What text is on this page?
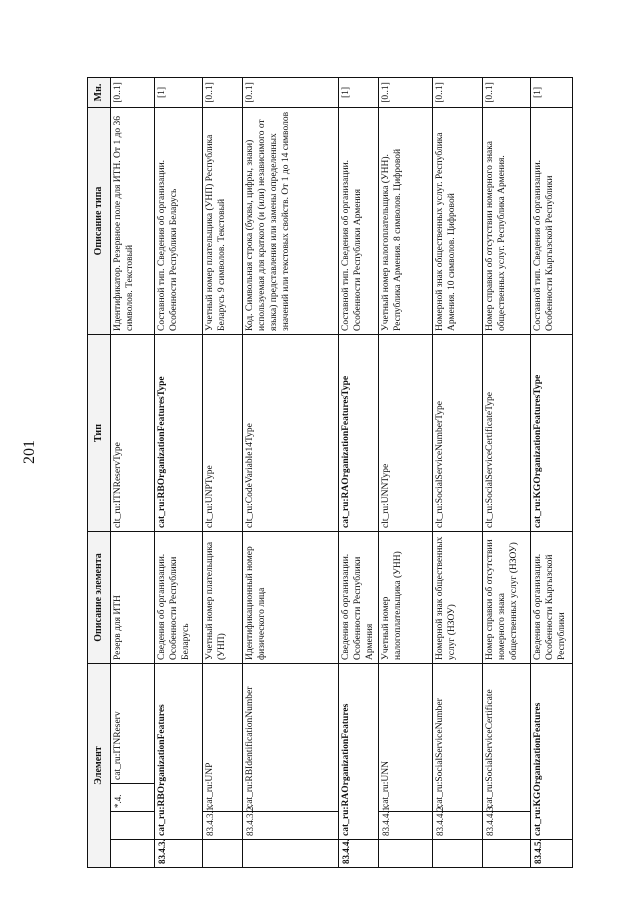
201
Элемент				Описание элемента	Тип	Описание типа	Мн.
		*.4.	cat_ru:ITNReserv	Резерв для ИТН	clt_ru:ITNReservType	Идентификатор. Резервное поле для ИТН. От 1 до 36 символов. Текстовый	[0..1]
83.4.3.	cat_ru:RBOrganizationFeatures			Сведения об организации. Особенности Республики Беларусь	cat_ru:RBOrganizationFeaturesType	Составной тип. Сведения об организации. Особенности Республики Беларусь	[1]
	83.4.3.1.	cat_ru:UNP		Учетный номер плательщика (УНП)	clt_ru:UNPType	Учетный номер плательщика (УНП) Республика Беларусь 9 символов. Текстовый	[0..1]
	83.4.3.2.	cat_ru:RBIdentificationNumber		Идентификационный номер физического лица	clt_ru:CodeVariable14Type	Код. Символьная строка (буквы, цифры, знаки) используемая для краткого (и (или) независимого от языка) представления или замены определенных значений или текстовых свойств. От 1 до 14 символов	[0..1]
83.4.4.	cat_ru:RAOrganizationFeatures			Сведения об организации. Особенности Республики Армения	cat_ru:RAOrganizationFeaturesType	Составной тип. Сведения об организации. Особенности Республики Армения	[1]
	83.4.4.1.	cat_ru:UNN		Учетный номер налогоплательщика (УНН)	clt_ru:UNNType	Учетный номер налогоплательщика (УНН). Республика Армения. 8 символов. Цифровой	[0..1]
	83.4.4.2.	cat_ru:SocialServiceNumber		Номерной знак общественных услуг (НЗОУ)	clt_ru:SocialServiceNumberType	Номерной знак общественных услуг. Республика Армения. 10 символов. Цифровой	[0..1]
	83.4.4.3.	cat_ru:SocialServiceCertificate		Номер справки об отсутствии номерного знака общественных услуг (НЗОУ)	clt_ru:SocialServiceCertificateType	Номер справки об отсутствии номерного знака общественных услуг. Республика Армения.	[0..1]
83.4.5.	cat_ru:KGOrganizationFeatures			Сведения об организации. Особенности Кыргызской Республики	cat_ru:KGOrganizationFeaturesType	Составной тип. Сведения об организации. Особенности Кыргызской Республики	[1]
